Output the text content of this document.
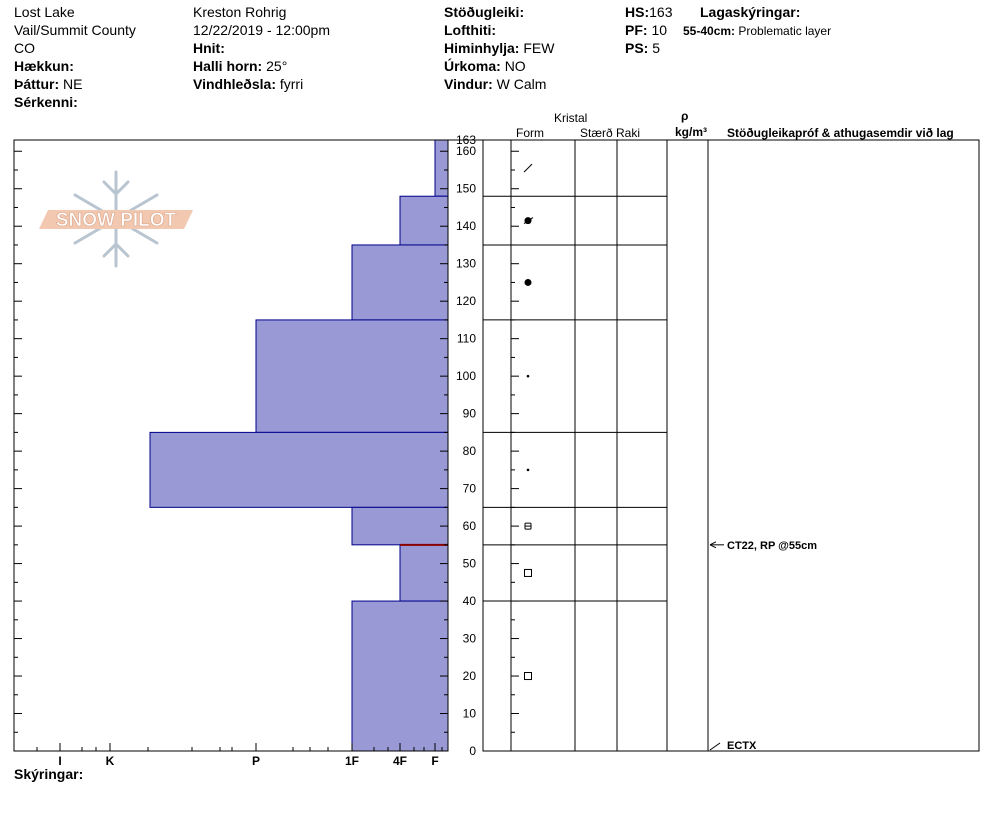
Lost Lake
Vail/Summit County
CO
Hækkun:
Þáttur: NE
Sérkenni:
Kreston Rohrig
12/22/2019 - 12:00pm
Hnit:
Halli horn: 25°
Vindhleðsla: fyrri
Stöðugleiki:
Lofthiti:
Himinhylja: FEW
Úrkoma: NO
Vindur: W Calm
HS:163
PF: 10
PS: 5
Lagaskýringar:
55-40cm: Problematic layer
Kristal
Form	Stærð Raki
ρ
kg/m³ Stöðugleikapróf & athugasemdir við lag
Skýringar:
SNOW PILOT
I	K	P	1F	4F F
0
10
20
30
40
50
60
70
80
90
100
110
120
130
140
150
160
163
CT22, RP @55cm
ECTX
